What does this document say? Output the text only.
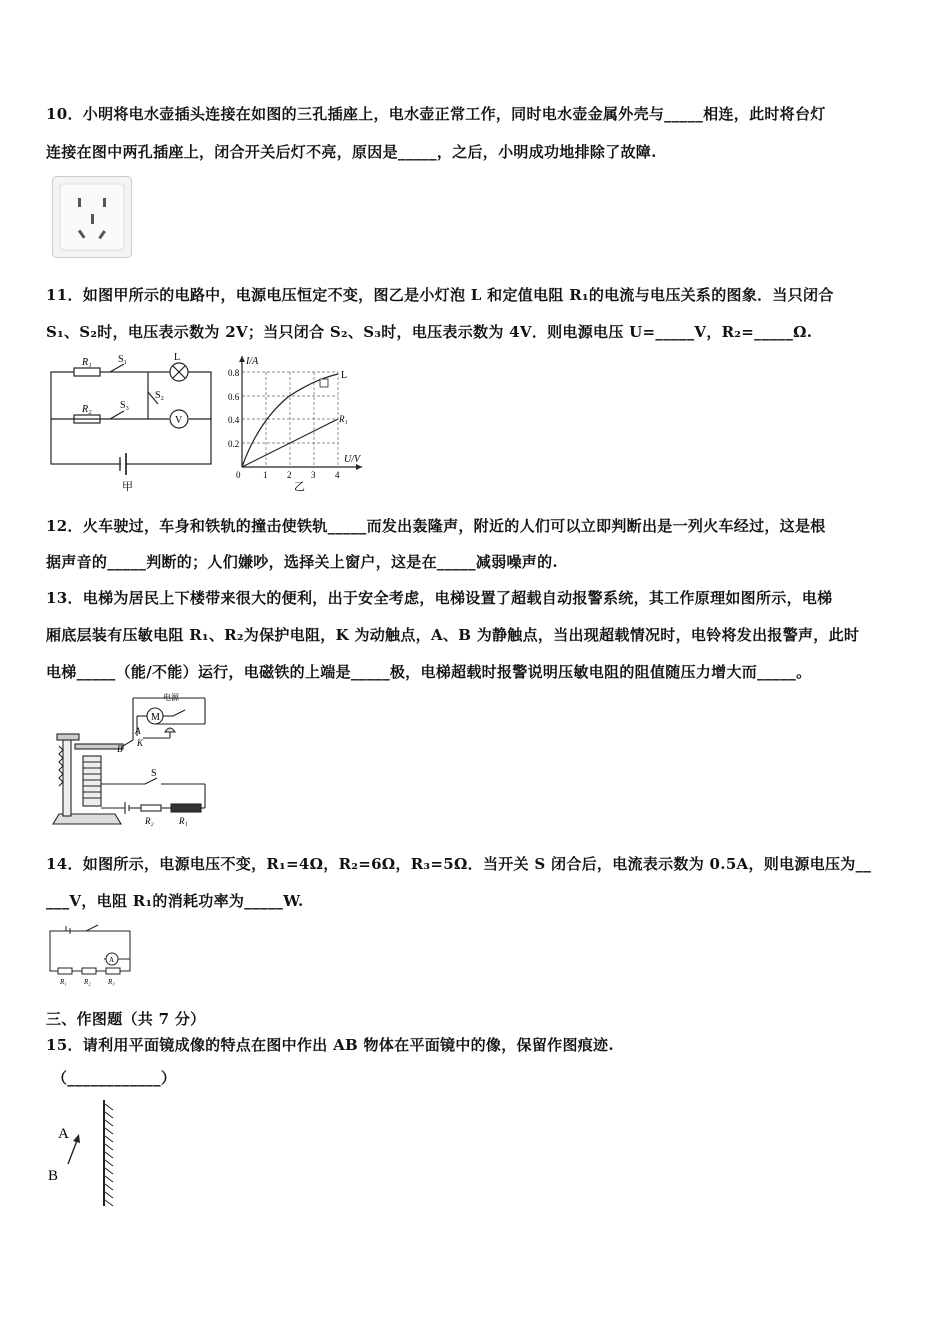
10．小明将电水壶插头连接在如图的三孔插座上，电水壶正常工作，同时电水壶金属外壳与_____相连，此时将台灯
连接在图中两孔插座上，闭合开关后灯不亮，原因是_____，之后，小明成功地排除了故障.
11．如图甲所示的电路中，电源电压恒定不变，图乙是小灯泡 L 和定值电阻 R₁的电流与电压关系的图象．当只闭合
S₁、S₂时，电压表示数为 2V；当只闭合 S₂、S₃时，电压表示数为 4V．则电源电压 U=_____V，R₂=_____Ω.
R₁
R₂
S₁
S₂
S₃
L
V
甲
I/A
U/V
0.8
0.6
0.4
0.2
0	1 2 3 4
L
R₁
乙
12．火车驶过，车身和铁轨的撞击使铁轨_____而发出轰隆声，附近的人们可以立即判断出是一列火车经过，这是根
据声音的_____判断的；人们嫌吵，选择关上窗户，这是在_____减弱噪声的.
13．电梯为居民上下楼带来很大的便利，出于安全考虑，电梯设置了超载自动报警系统，其工作原理如图所示，电梯
厢底层装有压敏电阻 R₁、R₂为保护电阻，K 为动触点，A、B 为静触点，当出现超载情况时，电铃将发出报警声，此时
电梯_____（能/不能）运行，电磁铁的上端是_____极，电梯超载时报警说明压敏电阻的阻值随压力增大而_____。
电源
M
A
B
K
S
R₂	R₁
14．如图所示，电源电压不变，R₁=4Ω，R₂=6Ω，R₃=5Ω．当开关 S 闭合后，电流表示数为 0.5A，则电源电压为__
___V，电阻 R₁的消耗功率为_____W.
A
R₁ R₂ R₃
三、作图题（共 7 分）
15．请利用平面镜成像的特点在图中作出 AB 物体在平面镜中的像，保留作图痕迹.
（____________）
A
B
